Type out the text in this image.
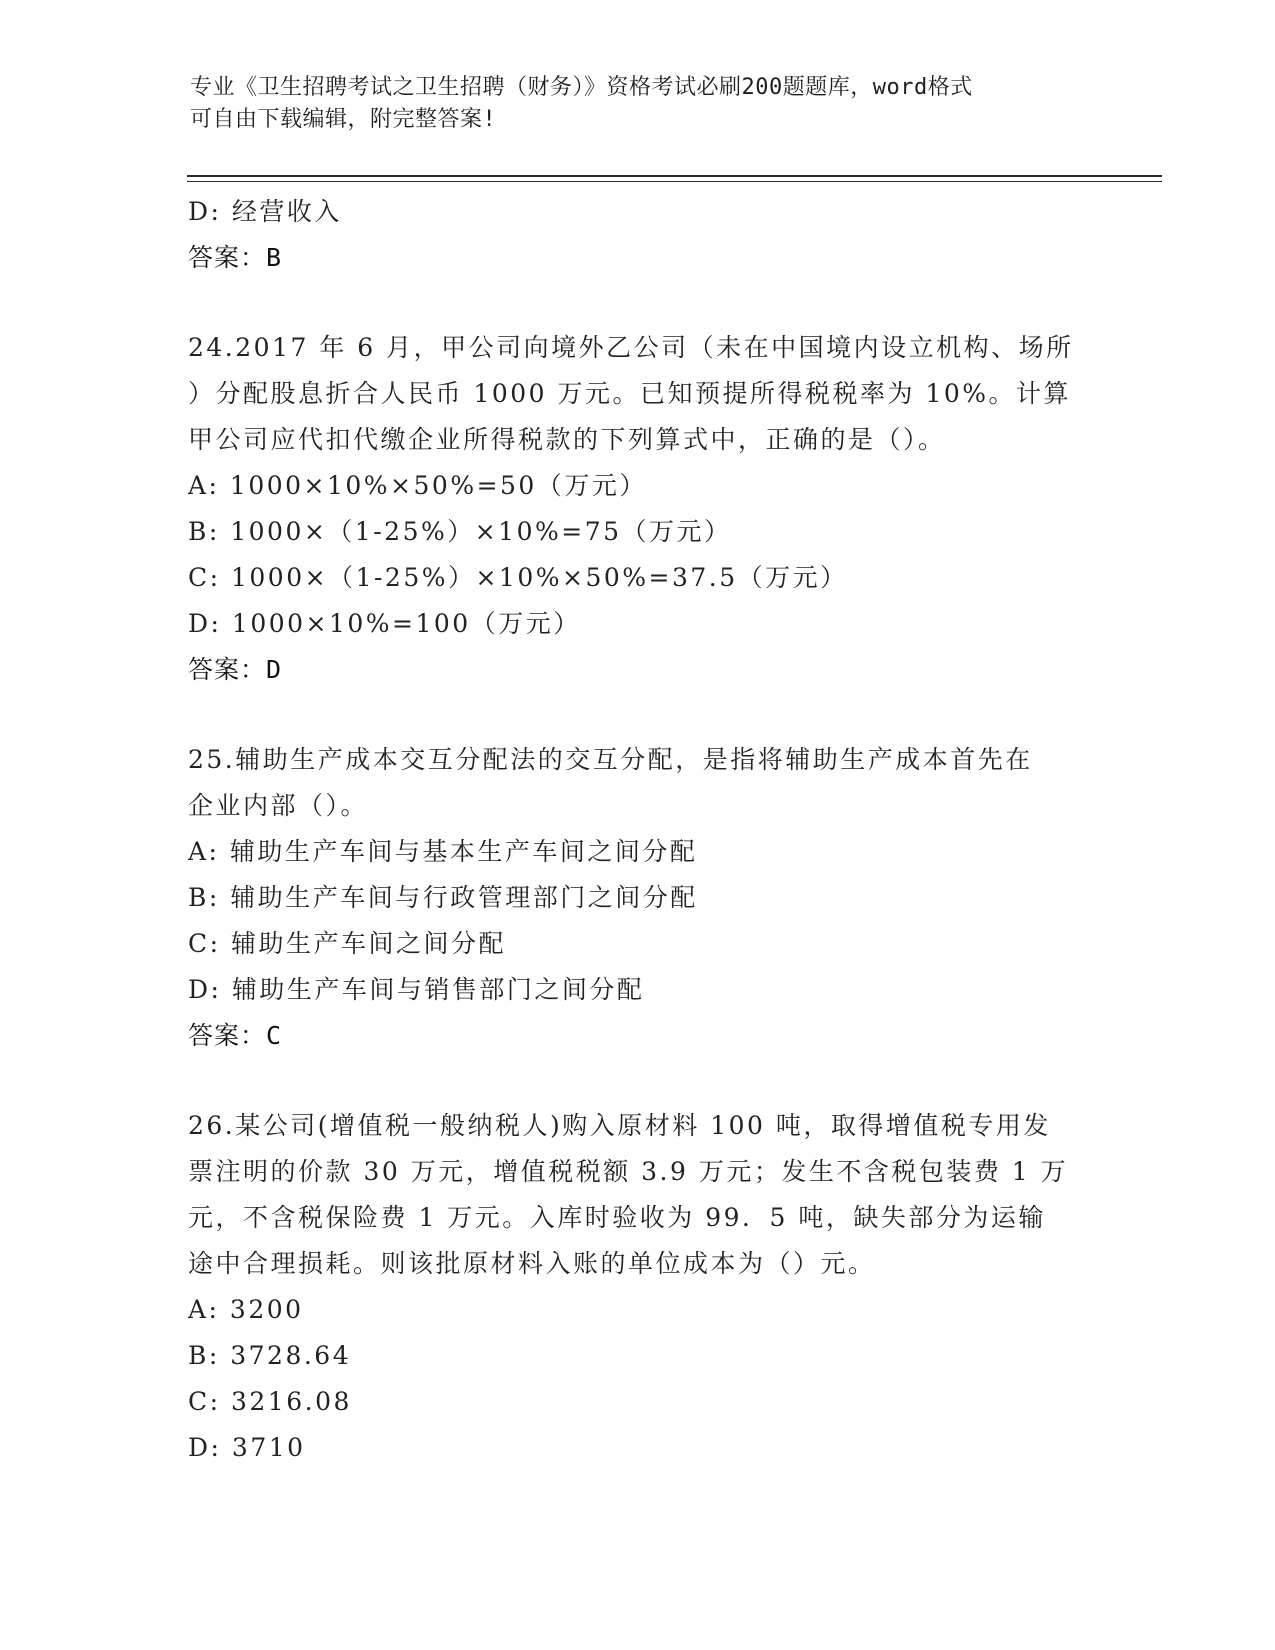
专业《卫生招聘考试之卫生招聘（财务）》资格考试必刷200题题库，word格式
可自由下载编辑，附完整答案!
D: 经营收入
答案：B
24.2017 年 6 月，甲公司向境外乙公司（未在中国境内设立机构、场所
）分配股息折合人民币 1000 万元。已知预提所得税税率为 10%。计算
甲公司应代扣代缴企业所得税款的下列算式中，正确的是（）。
A: 1000×10%×50%=50（万元）
B: 1000×（1-25%）×10%=75（万元）
C: 1000×（1-25%）×10%×50%=37.5（万元）
D: 1000×10%=100（万元）
答案：D
25.辅助生产成本交互分配法的交互分配，是指将辅助生产成本首先在
企业内部（）。
A: 辅助生产车间与基本生产车间之间分配
B: 辅助生产车间与行政管理部门之间分配
C: 辅助生产车间之间分配
D: 辅助生产车间与销售部门之间分配
答案：C
26.某公司(增值税一般纳税人)购入原材料 100 吨，取得增值税专用发
票注明的价款 30 万元，增值税税额 3.9 万元；发生不含税包装费 1 万
元，不含税保险费 1 万元。入库时验收为 99．5 吨，缺失部分为运输
途中合理损耗。则该批原材料入账的单位成本为（）元。
A: 3200
B: 3728.64
C: 3216.08
D: 3710
